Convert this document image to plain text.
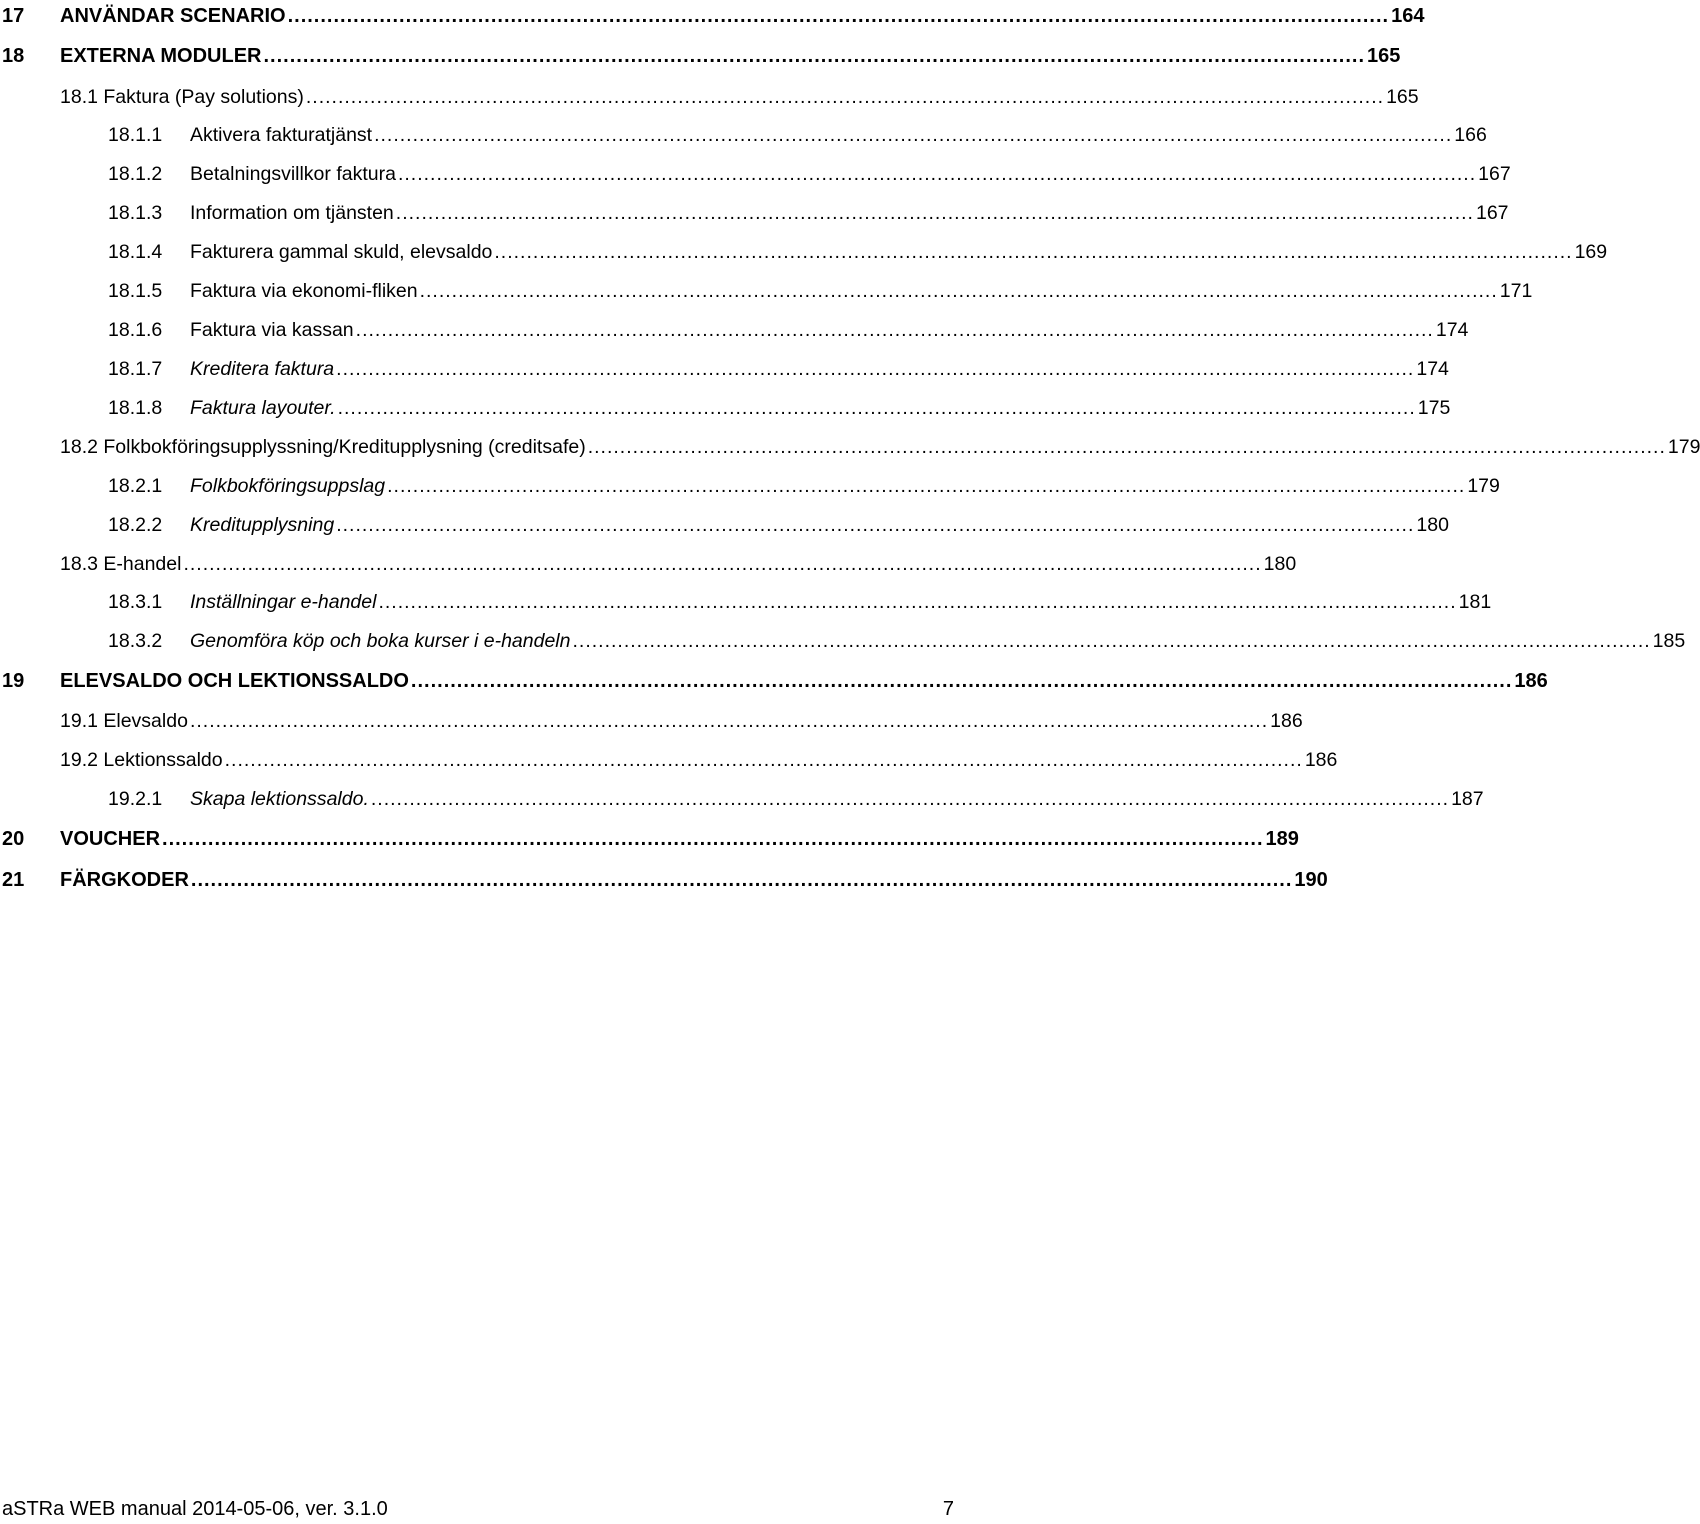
17 ANVÄNDAR SCENARIO ........................................................................................................................................................................ 164
18 EXTERNA MODULER ........................................................................................................................................................................ 165
18.1 Faktura (Pay solutions) ........................................................................................................................................................................ 165
18.1.1 Aktivera fakturatjänst ........................................................................................................................................................................ 166
18.1.2 Betalningsvillkor faktura ........................................................................................................................................................................ 167
18.1.3 Information om tjänsten ........................................................................................................................................................................ 167
18.1.4 Fakturera gammal skuld, elevsaldo ........................................................................................................................................................................ 169
18.1.5 Faktura via ekonomi-fliken ........................................................................................................................................................................ 171
18.1.6 Faktura via kassan ........................................................................................................................................................................ 174
18.1.7 Kreditera faktura ........................................................................................................................................................................ 174
18.1.8 Faktura layouter. ........................................................................................................................................................................ 175
18.2 Folkbokföringsupplyssning/Kreditupplysning (creditsafe) ........................................................................................................................................................................ 179
18.2.1 Folkbokföringsuppslag ........................................................................................................................................................................ 179
18.2.2 Kreditupplysning ........................................................................................................................................................................ 180
18.3 E-handel ........................................................................................................................................................................ 180
18.3.1 Inställningar e-handel ........................................................................................................................................................................ 181
18.3.2 Genomföra köp och boka kurser i e-handeln ........................................................................................................................................................................ 185
19 ELEVSALDO OCH LEKTIONSSALDO ........................................................................................................................................................................ 186
19.1 Elevsaldo ........................................................................................................................................................................ 186
19.2 Lektionssaldo ........................................................................................................................................................................ 186
19.2.1 Skapa lektionssaldo. ........................................................................................................................................................................ 187
20 VOUCHER ........................................................................................................................................................................ 189
21 FÄRGKODER ........................................................................................................................................................................ 190
aSTRa WEB manual 2014-05-06, ver. 3.1.0	7
